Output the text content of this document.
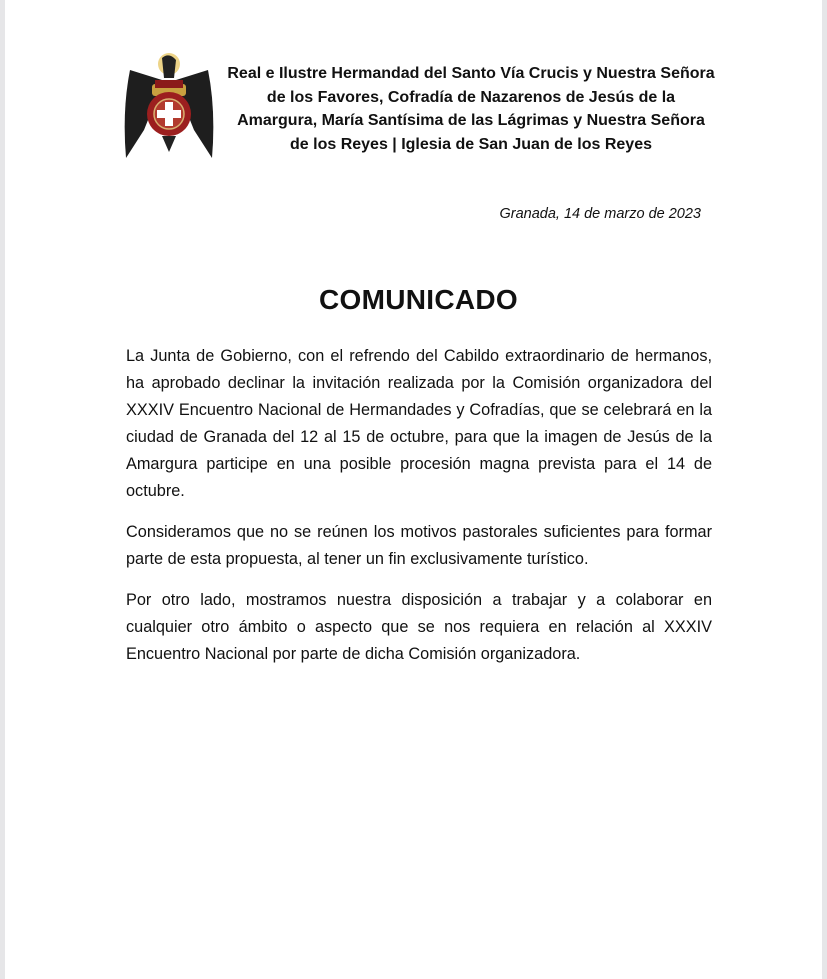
Real e Ilustre Hermandad del Santo Vía Crucis y Nuestra Señora de los Favores, Cofradía de Nazarenos de Jesús de la Amargura, María Santísima de las Lágrimas y Nuestra Señora de los Reyes | Iglesia de San Juan de los Reyes
Granada, 14 de marzo de 2023
COMUNICADO

La Junta de Gobierno, con el refrendo del Cabildo extraordinario de hermanos, ha aprobado declinar la invitación realizada por la Comisión organizadora del XXXIV Encuentro Nacional de Hermandades y Cofradías, que se celebrará en la ciudad de Granada del 12 al 15 de octubre, para que la imagen de Jesús de la Amargura participe en una posible procesión magna prevista para el 14 de octubre.

Consideramos que no se reúnen los motivos pastorales suficientes para formar parte de esta propuesta, al tener un fin exclusivamente turístico.

Por otro lado, mostramos nuestra disposición a trabajar y a colaborar en cualquier otro ámbito o aspecto que se nos requiera en relación al XXXIV Encuentro Nacional por parte de dicha Comisión organizadora.
